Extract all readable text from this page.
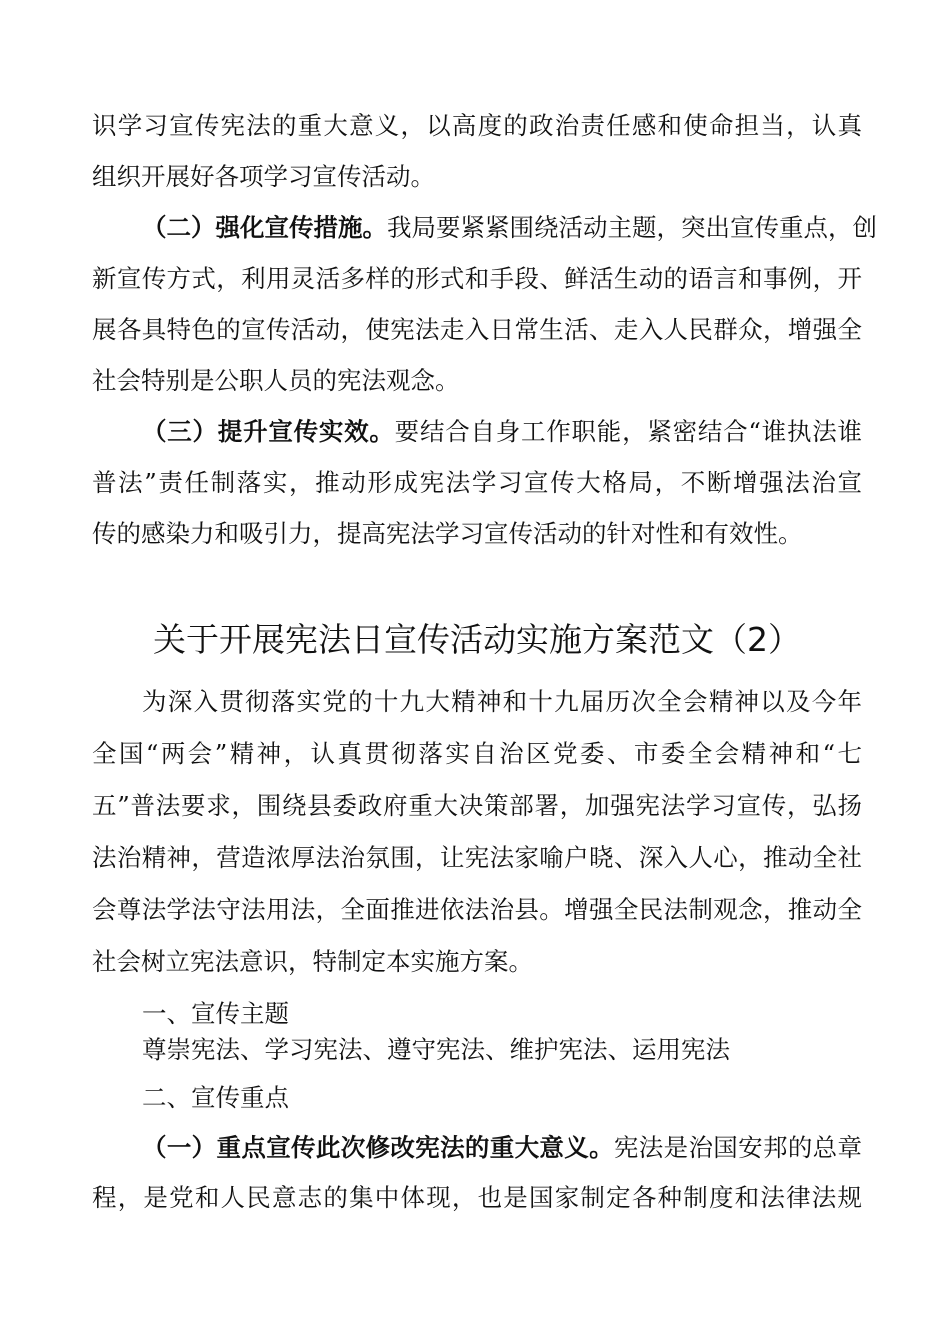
识学习宣传宪法的重大意义，以高度的政治责任感和使命担当，认真
组织开展好各项学习宣传活动。
（二）强化宣传措施。我局要紧紧围绕活动主题，突出宣传重点，创
新宣传方式，利用灵活多样的形式和手段、鲜活生动的语言和事例，开
展各具特色的宣传活动，使宪法走入日常生活、走入人民群众，增强全
社会特别是公职人员的宪法观念。
（三）提升宣传实效。要结合自身工作职能，紧密结合“谁执法谁
普法”责任制落实，推动形成宪法学习宣传大格局，不断增强法治宣
传的感染力和吸引力，提高宪法学习宣传活动的针对性和有效性。
关于开展宪法日宣传活动实施方案范文（2）
为深入贯彻落实党的十九大精神和十九届历次全会精神以及今年
全国“两会”精神，认真贯彻落实自治区党委、市委全会精神和“七
五”普法要求，围绕县委政府重大决策部署，加强宪法学习宣传，弘扬
法治精神，营造浓厚法治氛围，让宪法家喻户晓、深入人心，推动全社
会尊法学法守法用法，全面推进依法治县。增强全民法制观念，推动全
社会树立宪法意识，特制定本实施方案。
一、宣传主题
尊崇宪法、学习宪法、遵守宪法、维护宪法、运用宪法
二、宣传重点
（一）重点宣传此次修改宪法的重大意义。宪法是治国安邦的总章
程，是党和人民意志的集中体现，也是国家制定各种制度和法律法规
